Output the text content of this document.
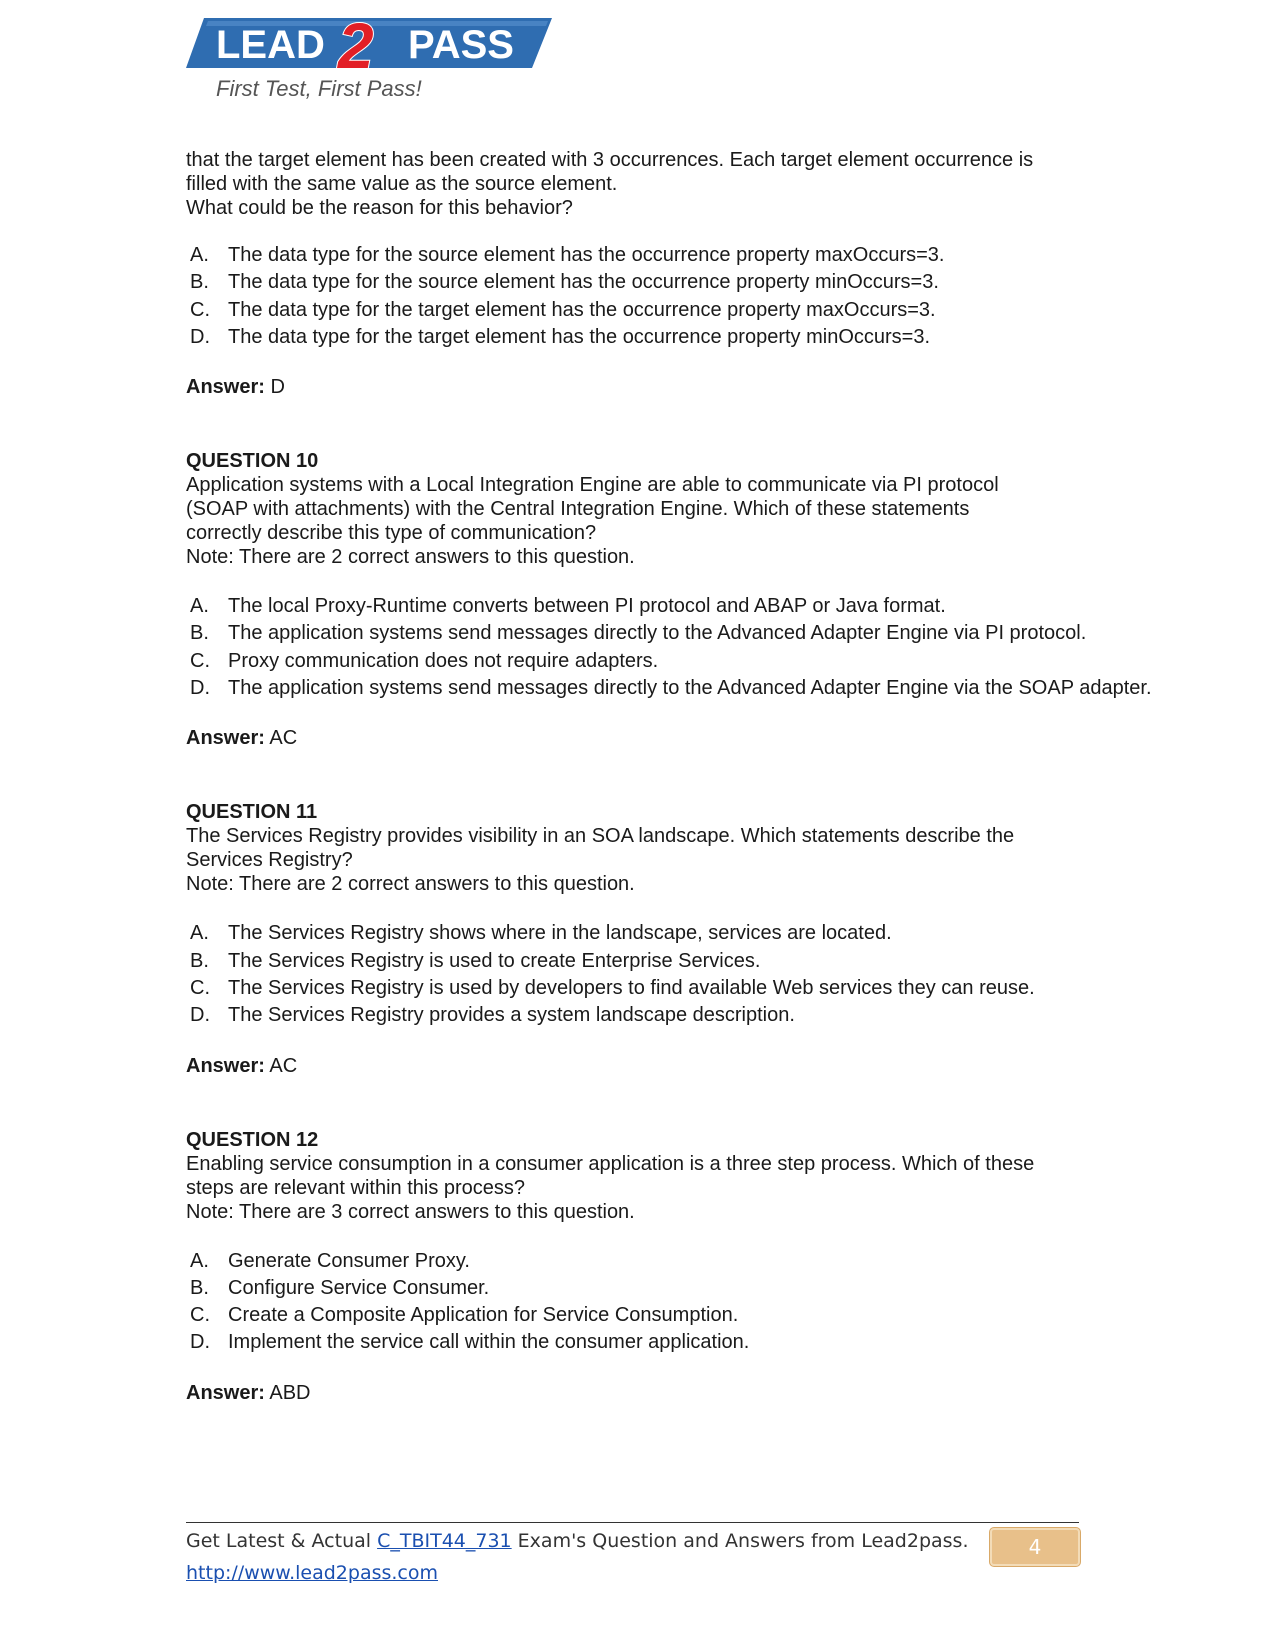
LEAD 2 PASS
First Test, First Pass!

that the target element has been created with 3 occurrences. Each target element occurrence is

filled with the same value as the source element.

What could be the reason for this behavior?

A. The data type for the source element has the occurrence property maxOccurs=3.
B. The data type for the source element has the occurrence property minOccurs=3.
C. The data type for the target element has the occurrence property maxOccurs=3.
D. The data type for the target element has the occurrence property minOccurs=3.

Answer: D

QUESTION 10

Application systems with a Local Integration Engine are able to communicate via PI protocol

(SOAP with attachments) with the Central Integration Engine. Which of these statements

correctly describe this type of communication?

Note: There are 2 correct answers to this question.

A. The local Proxy-Runtime converts between PI protocol and ABAP or Java format.
B. The application systems send messages directly to the Advanced Adapter Engine via PI protocol.
C. Proxy communication does not require adapters.
D. The application systems send messages directly to the Advanced Adapter Engine via the SOAP adapter.

Answer: AC

QUESTION 11

The Services Registry provides visibility in an SOA landscape. Which statements describe the

Services Registry?

Note: There are 2 correct answers to this question.

A. The Services Registry shows where in the landscape, services are located.
B. The Services Registry is used to create Enterprise Services.
C. The Services Registry is used by developers to find available Web services they can reuse.
D. The Services Registry provides a system landscape description.

Answer: AC

QUESTION 12

Enabling service consumption in a consumer application is a three step process. Which of these

steps are relevant within this process?

Note: There are 3 correct answers to this question.

A. Generate Consumer Proxy.
B. Configure Service Consumer.
C. Create a Composite Application for Service Consumption.
D. Implement the service call within the consumer application.

Answer: ABD

Get Latest & Actual C_TBIT44_731 Exam's Question and Answers from Lead2pass.
http://www.lead2pass.com
4
